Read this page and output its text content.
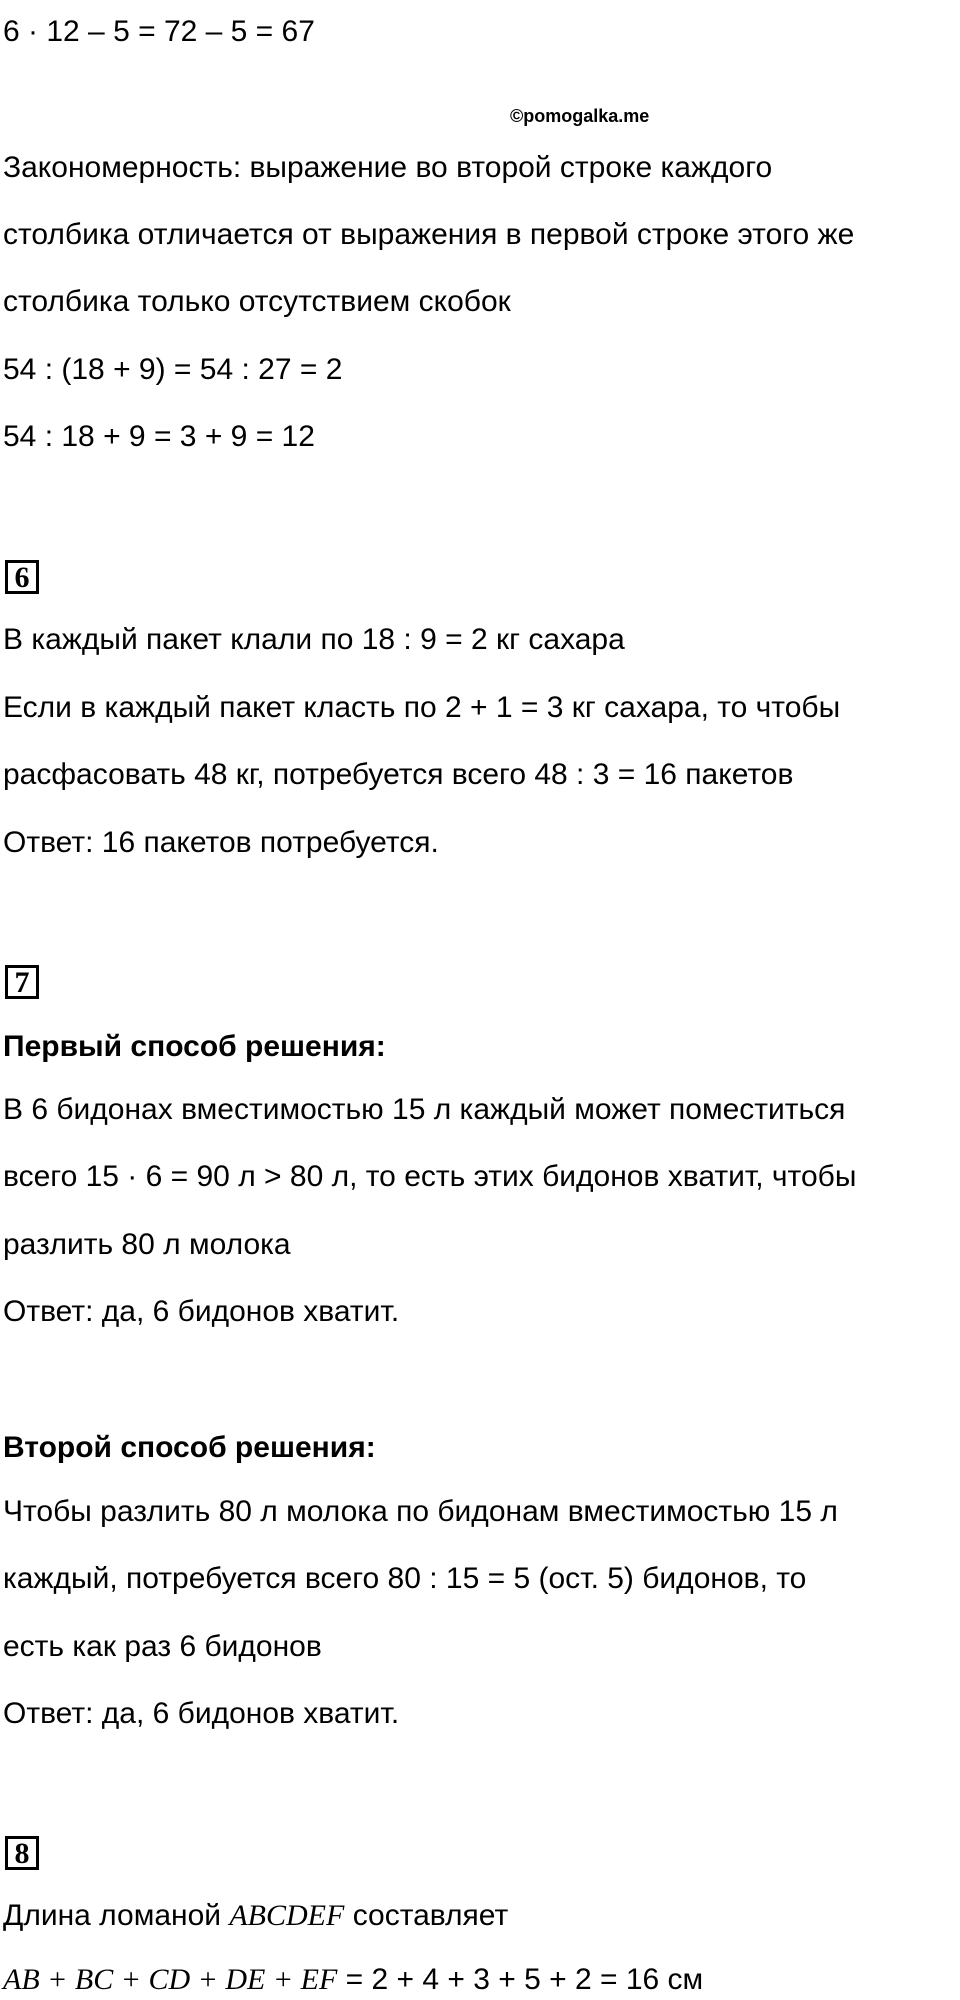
6 · 12 – 5 = 72 – 5 = 67
©pomogalka.me
Закономерность: выражение во второй строке каждого
столбика отличается от выражения в первой строке этого же
столбика только отсутствием скобок
54 : (18 + 9) = 54 : 27 = 2
54 : 18 + 9 = 3 + 9 = 12
6
В каждый пакет клали по 18 : 9 = 2 кг сахара
Если в каждый пакет класть по 2 + 1 = 3 кг сахара, то чтобы
расфасовать 48 кг, потребуется всего 48 : 3 = 16 пакетов
Ответ: 16 пакетов потребуется.
7
Первый способ решения:
В 6 бидонах вместимостью 15 л каждый может поместиться
всего 15 · 6 = 90 л > 80 л, то есть этих бидонов хватит, чтобы
разлить 80 л молока
Ответ: да, 6 бидонов хватит.
Второй способ решения:
Чтобы разлить 80 л молока по бидонам вместимостью 15 л
каждый, потребуется всего 80 : 15 = 5 (ост. 5) бидонов, то
есть как раз 6 бидонов
Ответ: да, 6 бидонов хватит.
8
Длина ломаной ABCDEF составляет
AB + BC + CD + DE + EF = 2 + 4 + 3 + 5 + 2 = 16 см
